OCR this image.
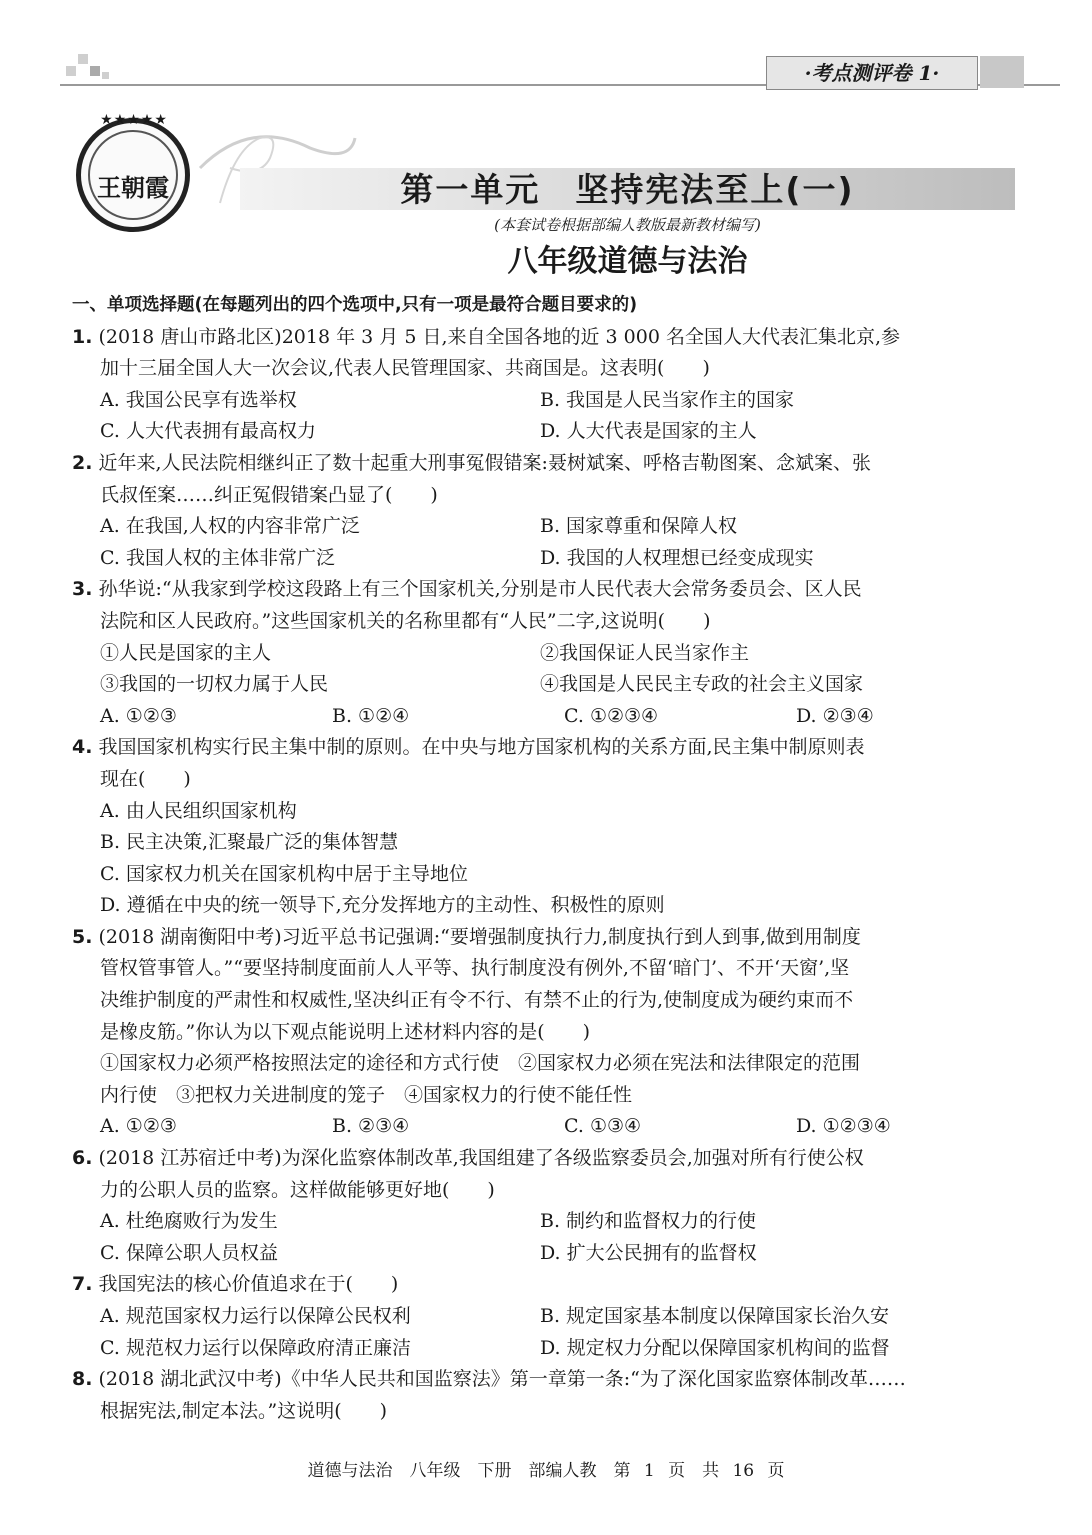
·考点测评卷 1·
★★★★★
王朝霞	第一单元　坚持宪法至上(一)
(本套试卷根据部编人教版最新教材编写)
八年级道德与法治
一、单项选择题(在每题列出的四个选项中,只有一项是最符合题目要求的)
1. (2018 唐山市路北区)2018 年 3 月 5 日,来自全国各地的近 3 000 名全国人大代表汇集北京,参
加十三届全国人大一次会议,代表人民管理国家、共商国是。这表明(　　)
A. 我国公民享有选举权	B. 我国是人民当家作主的国家
C. 人大代表拥有最高权力	D. 人大代表是国家的主人
2. 近年来,人民法院相继纠正了数十起重大刑事冤假错案:聂树斌案、呼格吉勒图案、念斌案、张
氏叔侄案……纠正冤假错案凸显了(　　)
A. 在我国,人权的内容非常广泛	B. 国家尊重和保障人权
C. 我国人权的主体非常广泛	D. 我国的人权理想已经变成现实
3. 孙华说:“从我家到学校这段路上有三个国家机关,分别是市人民代表大会常务委员会、区人民
法院和区人民政府。”这些国家机关的名称里都有“人民”二字,这说明(　　)
①人民是国家的主人	②我国保证人民当家作主
③我国的一切权力属于人民	④我国是人民民主专政的社会主义国家
A. ①②③	B. ①②④	C. ①②③④	D. ②③④
4. 我国国家机构实行民主集中制的原则。在中央与地方国家机构的关系方面,民主集中制原则表
现在(　　)
A. 由人民组织国家机构
B. 民主决策,汇聚最广泛的集体智慧
C. 国家权力机关在国家机构中居于主导地位
D. 遵循在中央的统一领导下,充分发挥地方的主动性、积极性的原则
5. (2018 湖南衡阳中考)习近平总书记强调:“要增强制度执行力,制度执行到人到事,做到用制度
管权管事管人。”“要坚持制度面前人人平等、执行制度没有例外,不留‘暗门’、不开‘天窗’,坚
决维护制度的严肃性和权威性,坚决纠正有令不行、有禁不止的行为,使制度成为硬约束而不
是橡皮筋。”你认为以下观点能说明上述材料内容的是(　　)
①国家权力必须严格按照法定的途径和方式行使　②国家权力必须在宪法和法律限定的范围
内行使　③把权力关进制度的笼子　④国家权力的行使不能任性
A. ①②③	B. ②③④	C. ①③④	D. ①②③④
6. (2018 江苏宿迁中考)为深化监察体制改革,我国组建了各级监察委员会,加强对所有行使公权
力的公职人员的监察。这样做能够更好地(　　)
A. 杜绝腐败行为发生	B. 制约和监督权力的行使
C. 保障公职人员权益	D. 扩大公民拥有的监督权
7. 我国宪法的核心价值追求在于(　　)
A. 规范国家权力运行以保障公民权利	B. 规定国家基本制度以保障国家长治久安
C. 规范权力运行以保障政府清正廉洁	D. 规定权力分配以保障国家机构间的监督
8. (2018 湖北武汉中考)《中华人民共和国监察法》第一章第一条:“为了深化国家监察体制改革……
根据宪法,制定本法。”这说明(　　)
道德与法治　八年级　下册　部编人教　第 1 页　共 16 页
